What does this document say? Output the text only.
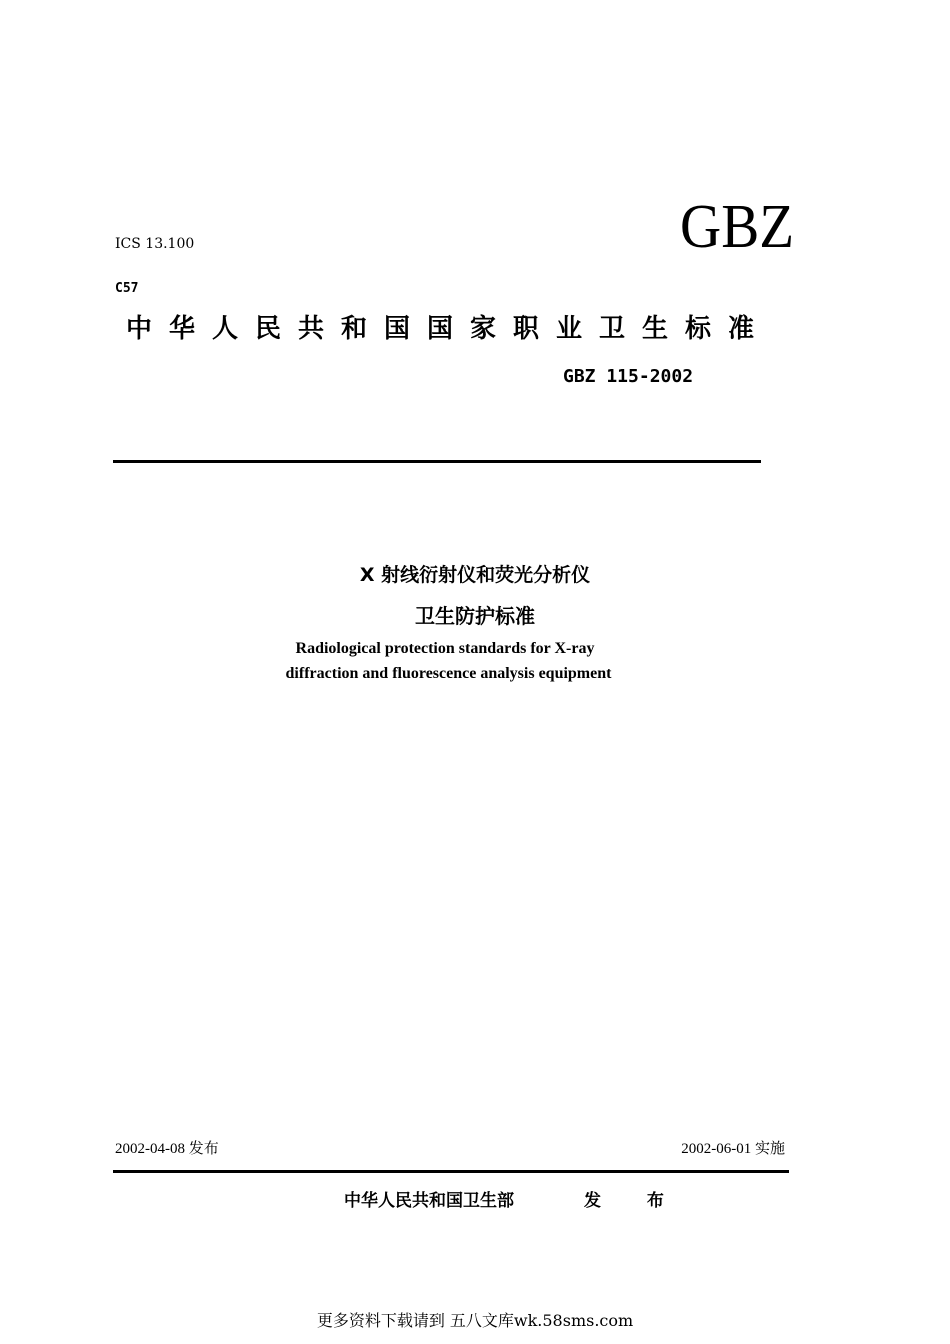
ICS 13.100	GBZ
C57
中华人民共和国国家职业卫生标准
GBZ 115-2002
X 射线衍射仪和荧光分析仪
卫生防护标准
Radiological protection standards for X-ray
diffraction and fluorescence analysis equipment
2002-04-08 发布	2002-06-01 实施
中华人民共和国卫生部	发 布
更多资料下载请到 五八文库wk.58sms.com
